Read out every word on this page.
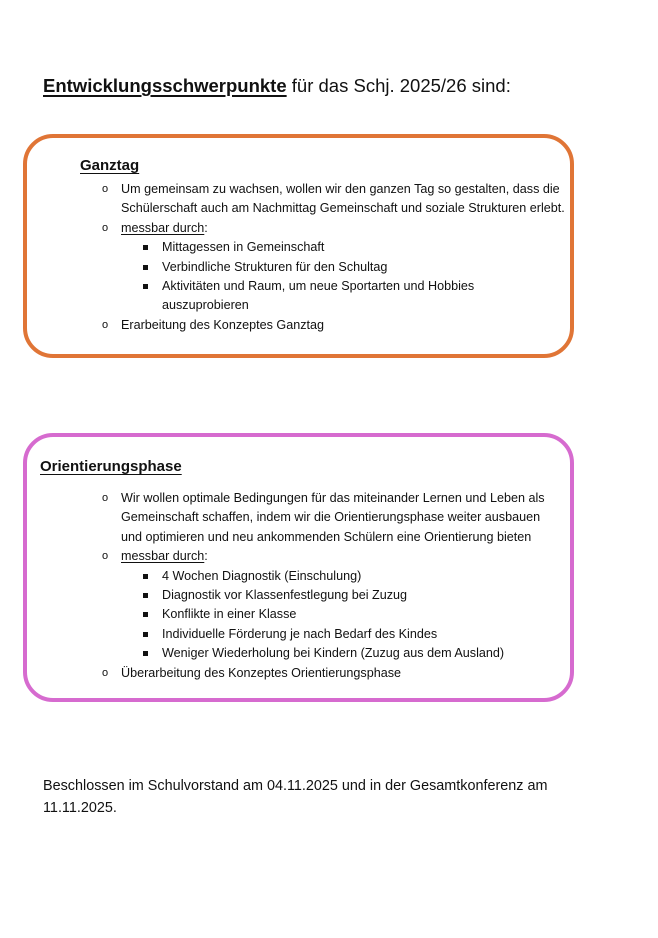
Entwicklungsschwerpunkte für das Schj. 2025/26 sind:
Ganztag
o Um gemeinsam zu wachsen, wollen wir den ganzen Tag so gestalten, dass die Schülerschaft auch am Nachmittag Gemeinschaft und soziale Strukturen erlebt.
o messbar durch:
Mittagessen in Gemeinschaft
Verbindliche Strukturen für den Schultag
Aktivitäten und Raum, um neue Sportarten und Hobbies auszuprobieren
o Erarbeitung des Konzeptes Ganztag
Orientierungsphase
o Wir wollen optimale Bedingungen für das miteinander Lernen und Leben als Gemeinschaft schaffen, indem wir die Orientierungsphase weiter ausbauen und optimieren und neu ankommenden Schülern eine Orientierung bieten
o messbar durch:
4 Wochen Diagnostik (Einschulung)
Diagnostik vor Klassenfestlegung bei Zuzug
Konflikte in einer Klasse
Individuelle Förderung je nach Bedarf des Kindes
Weniger Wiederholung bei Kindern (Zuzug aus dem Ausland)
o Überarbeitung des Konzeptes Orientierungsphase
Beschlossen im Schulvorstand am 04.11.2025 und in der Gesamtkonferenz am 11.11.2025.
